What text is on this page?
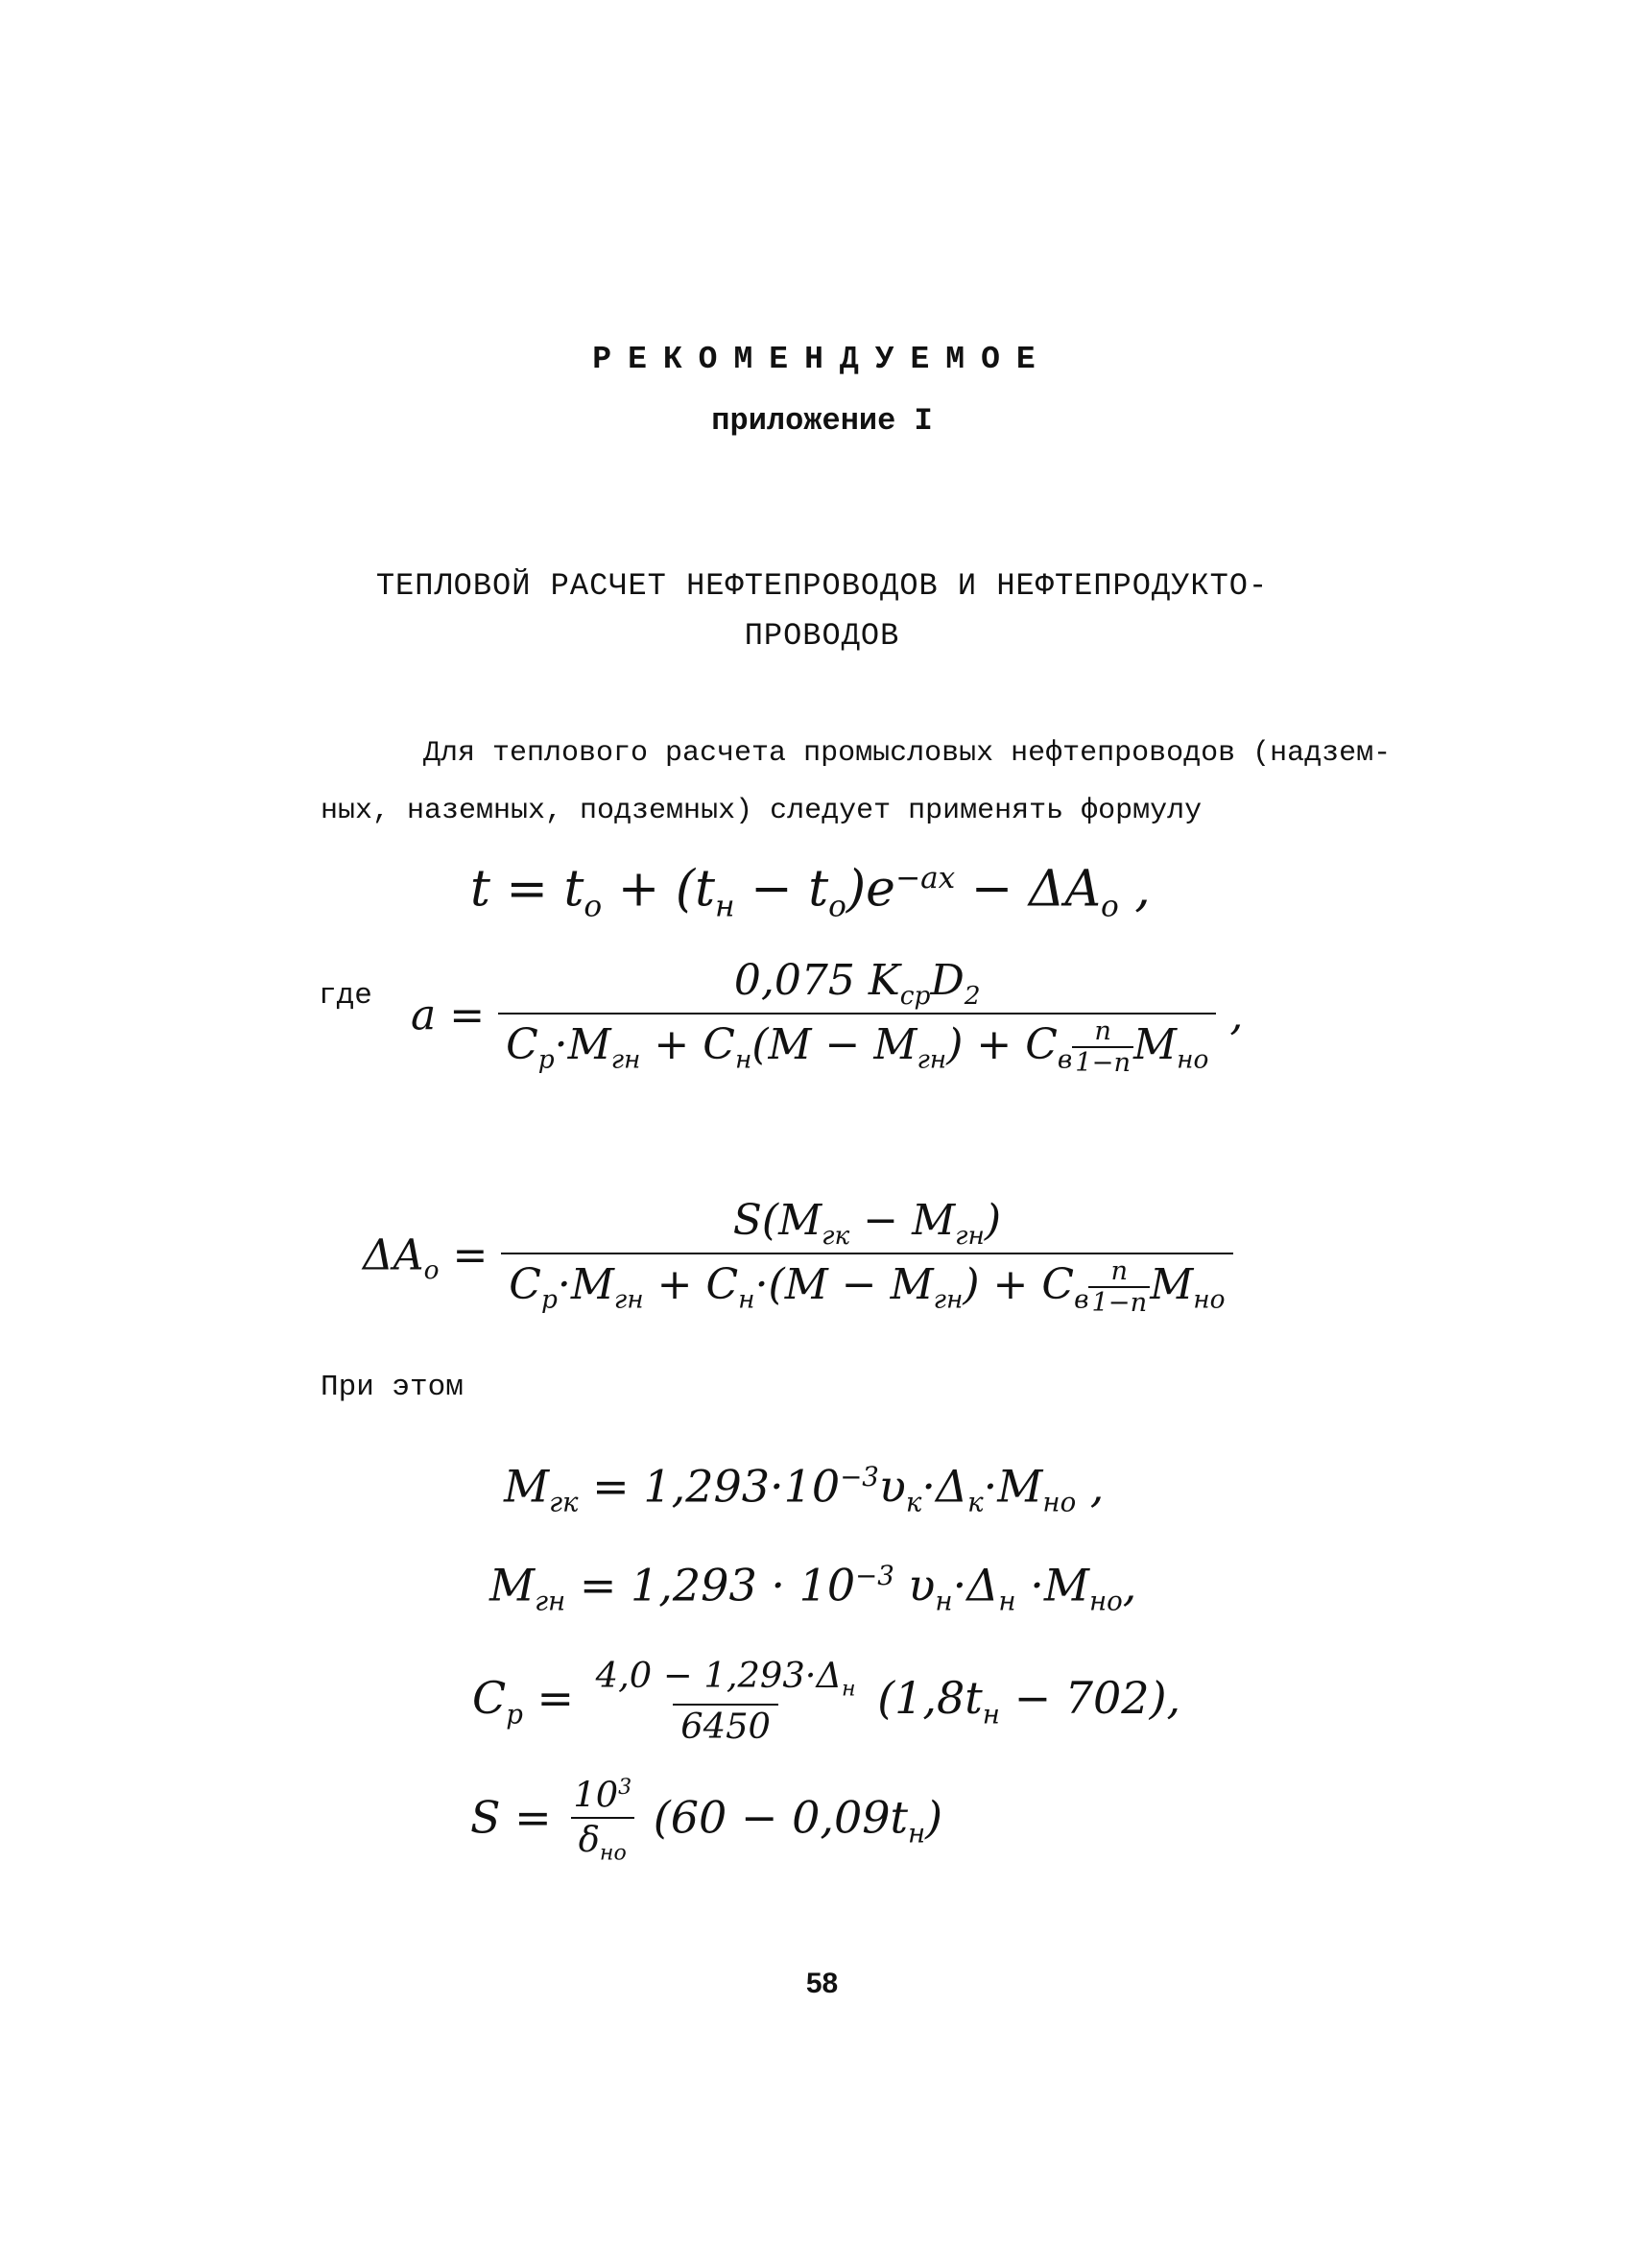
РЕКОМЕНДУЕМОЕ
приложение I
ТЕПЛОВОЙ РАСЧЕТ НЕФТЕПРОВОДОВ И НЕФТЕПРОДУКТО-
ПРОВОДОВ
Для теплового расчета промысловых нефтепроводов (надзем-
ных, наземных, подземных) следует применять формулу
$t = t_o + (t_н - t_o)e^{-ax} - \Delta A_o$ ,
где $a = \frac{0,075 K_{ср}D_2}{C_р\cdot M_{гн} + C_н(M - M_{гн}) + C_в \frac{n}{1-n} M_{но}}$ ,
$\Delta A_o = \frac{S(M_{гк} - M_{гн})}{C_р\cdot M_{гн} + C_н\cdot(M - M_{гн}) + C_в \frac{n}{1-n} M_{но}}$
При этом
$M_{гк} = 1,293\cdot 10^{-3}\upsilon_к\cdot\Delta_к\cdot M_{но}$ ,
$M_{гн} = 1,293 \cdot 10^{-3}$ $\upsilon_н\cdot\Delta_н \cdot M_{но}$,
$C_р = \frac{4,0 - 1,293\cdot\Delta_н}{6450} (1,8t_н - 702)$,
$S = \frac{10^3}{\delta_{но}} (60 - 0,09t_н)$
58
